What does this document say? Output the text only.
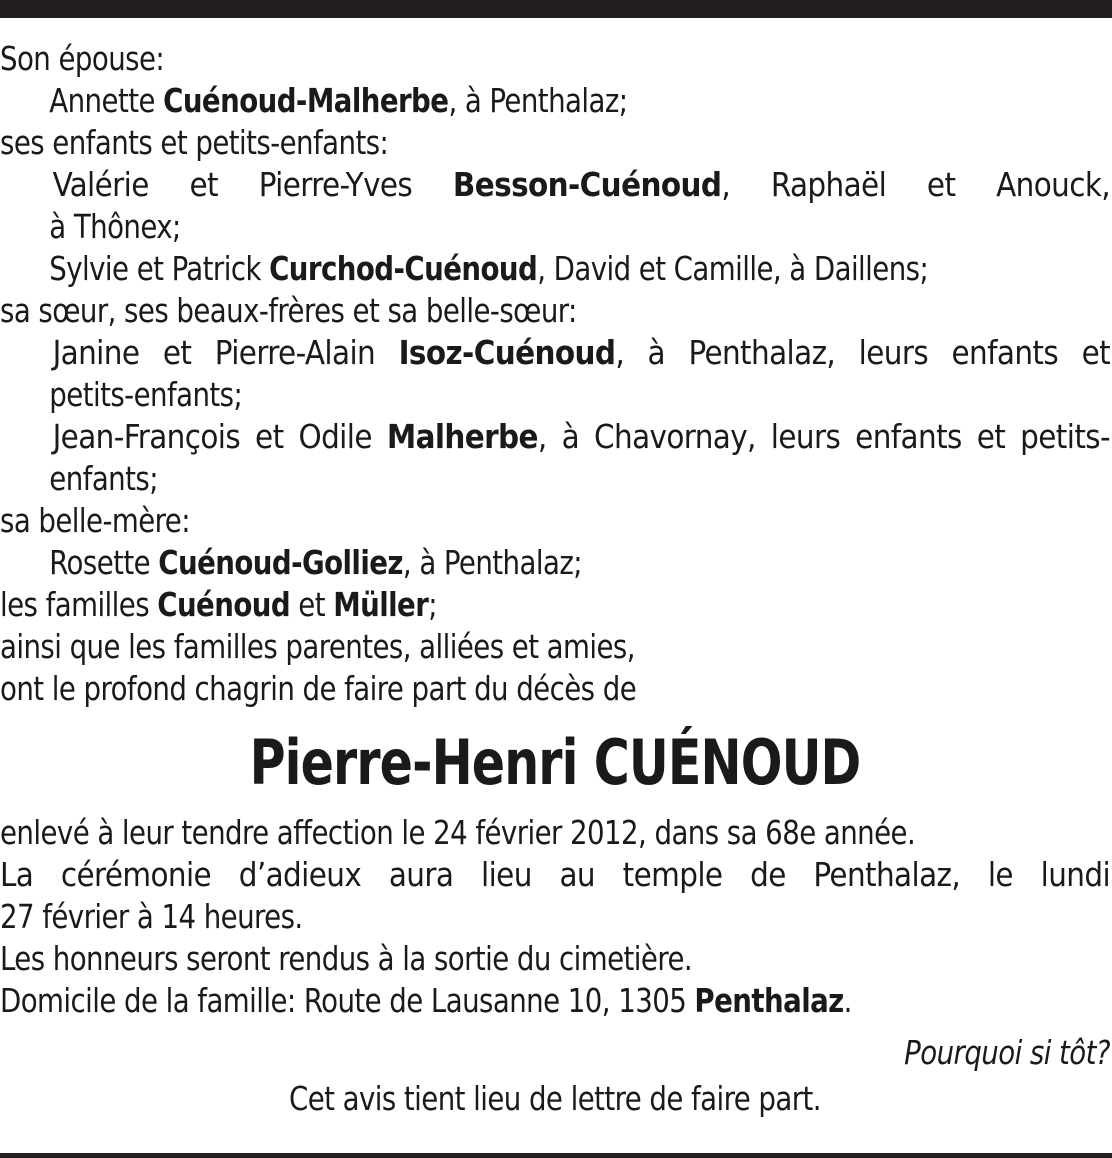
Son épouse:

Annette Cuénoud-Malherbe, à Penthalaz;

ses enfants et petits-enfants:

Valérie et Pierre-Yves Besson-Cuénoud, Raphaël et Anouck,

à Thônex;

Sylvie et Patrick Curchod-Cuénoud, David et Camille, à Daillens;

sa sœur, ses beaux-frères et sa belle-sœur:

Janine et Pierre-Alain Isoz-Cuénoud, à Penthalaz, leurs enfants et

petits-enfants;

Jean-François et Odile Malherbe, à Chavornay, leurs enfants et petits-

enfants;

sa belle-mère:

Rosette Cuénoud-Golliez, à Penthalaz;

les familles Cuénoud et Müller;

ainsi que les familles parentes, alliées et amies,

ont le profond chagrin de faire part du décès de

Pierre-Henri CUÉNOUD

enlevé à leur tendre affection le 24 février 2012, dans sa 68e année.

La cérémonie d’adieux aura lieu au temple de Penthalaz, le lundi

27 février à 14 heures.

Les honneurs seront rendus à la sortie du cimetière.

Domicile de la famille: Route de Lausanne 10, 1305 Penthalaz.

Pourquoi si tôt?

Cet avis tient lieu de lettre de faire part.
